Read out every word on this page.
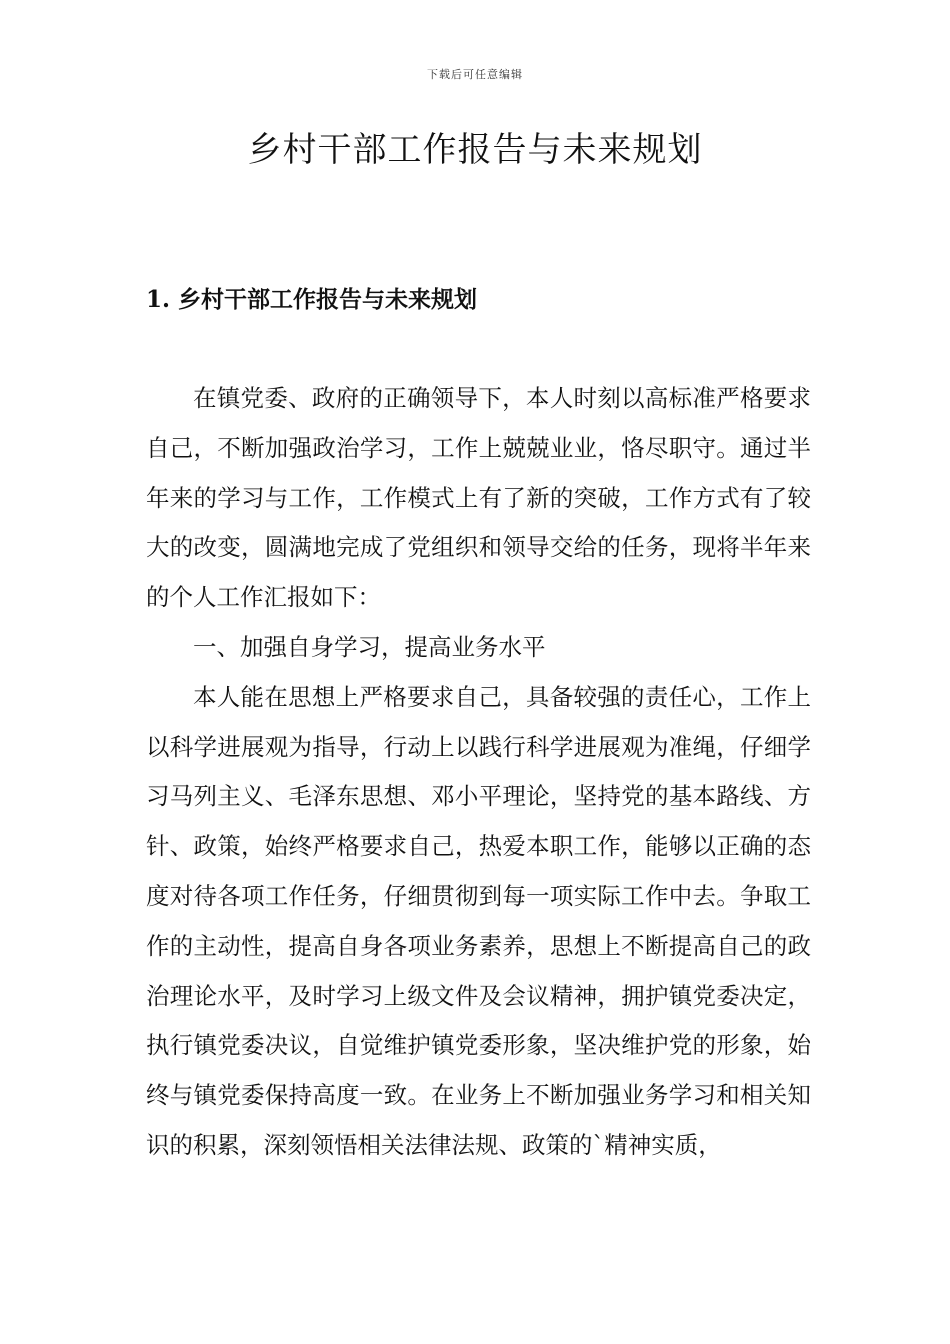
下载后可任意编辑
乡村干部工作报告与未来规划
1. 乡村干部工作报告与未来规划

在镇党委、政府的正确领导下，本人时刻以高标准严格要求自己，不断加强政治学习，工作上兢兢业业，恪尽职守。通过半年来的学习与工作，工作模式上有了新的突破，工作方式有了较大的改变，圆满地完成了党组织和领导交给的任务，现将半年来的个人工作汇报如下：

一、加强自身学习，提高业务水平

本人能在思想上严格要求自己，具备较强的责任心，工作上以科学进展观为指导，行动上以践行科学进展观为准绳，仔细学习马列主义、毛泽东思想、邓小平理论，坚持党的基本路线、方针、政策，始终严格要求自己，热爱本职工作，能够以正确的态度对待各项工作任务，仔细贯彻到每一项实际工作中去。争取工作的主动性，提高自身各项业务素养，思想上不断提高自己的政治理论水平，及时学习上级文件及会议精神，拥护镇党委决定，执行镇党委决议，自觉维护镇党委形象，坚决维护党的形象，始终与镇党委保持高度一致。在业务上不断加强业务学习和相关知识的积累，深刻领悟相关法律法规、政策的`精神实质，
